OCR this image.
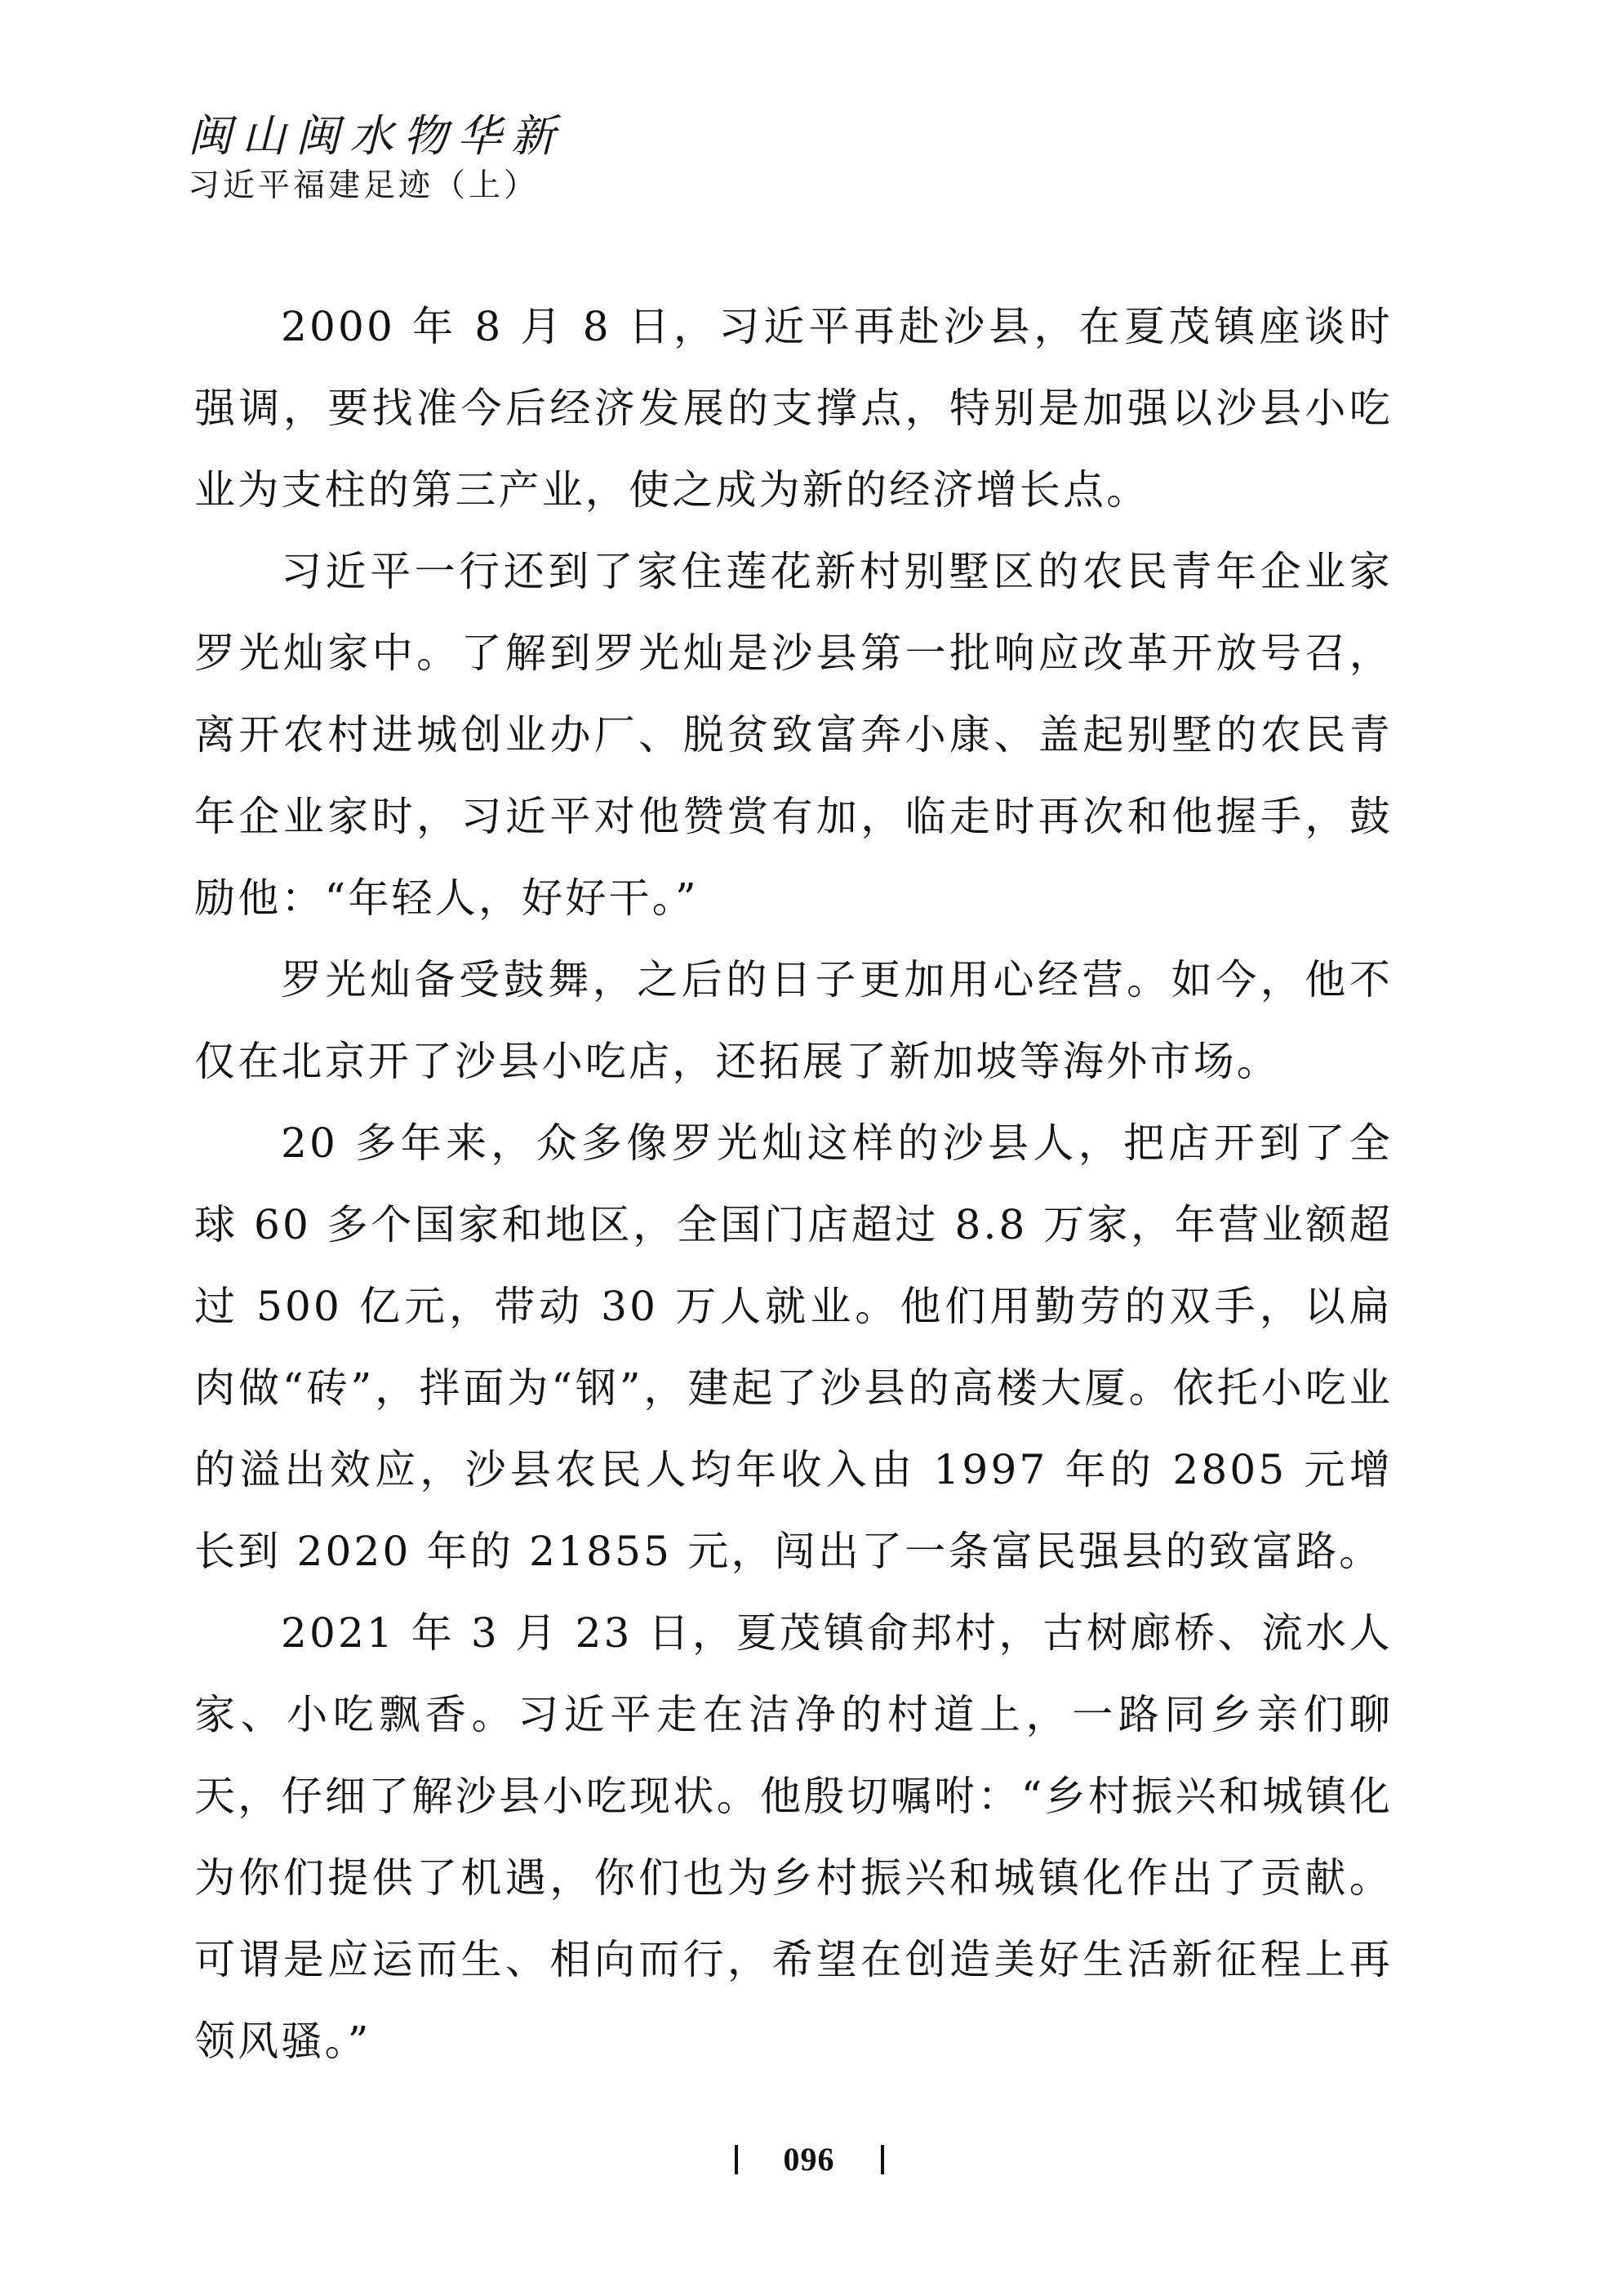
闽山闽水物华新
习近平福建足迹（上）

2000 年 8 月 8 日，习近平再赴沙县，在夏茂镇座谈时强调，要找准今后经济发展的支撑点，特别是加强以沙县小吃业为支柱的第三产业，使之成为新的经济增长点。

习近平一行还到了家住莲花新村别墅区的农民青年企业家罗光灿家中。了解到罗光灿是沙县第一批响应改革开放号召，离开农村进城创业办厂、脱贫致富奔小康、盖起别墅的农民青年企业家时，习近平对他赞赏有加，临走时再次和他握手，鼓励他：“年轻人，好好干。”

罗光灿备受鼓舞，之后的日子更加用心经营。如今，他不仅在北京开了沙县小吃店，还拓展了新加坡等海外市场。

20 多年来，众多像罗光灿这样的沙县人，把店开到了全球 60 多个国家和地区，全国门店超过 8.8 万家，年营业额超过 500 亿元，带动 30 万人就业。他们用勤劳的双手，以扁肉做“砖”，拌面为“钢”，建起了沙县的高楼大厦。依托小吃业的溢出效应，沙县农民人均年收入由 1997 年的 2805 元增长到 2020 年的 21855 元，闯出了一条富民强县的致富路。

2021 年 3 月 23 日，夏茂镇俞邦村，古树廊桥、流水人家、小吃飘香。习近平走在洁净的村道上，一路同乡亲们聊天，仔细了解沙县小吃现状。他殷切嘱咐：“乡村振兴和城镇化为你们提供了机遇，你们也为乡村振兴和城镇化作出了贡献。可谓是应运而生、相向而行，希望在创造美好生活新征程上再领风骚。”

096
